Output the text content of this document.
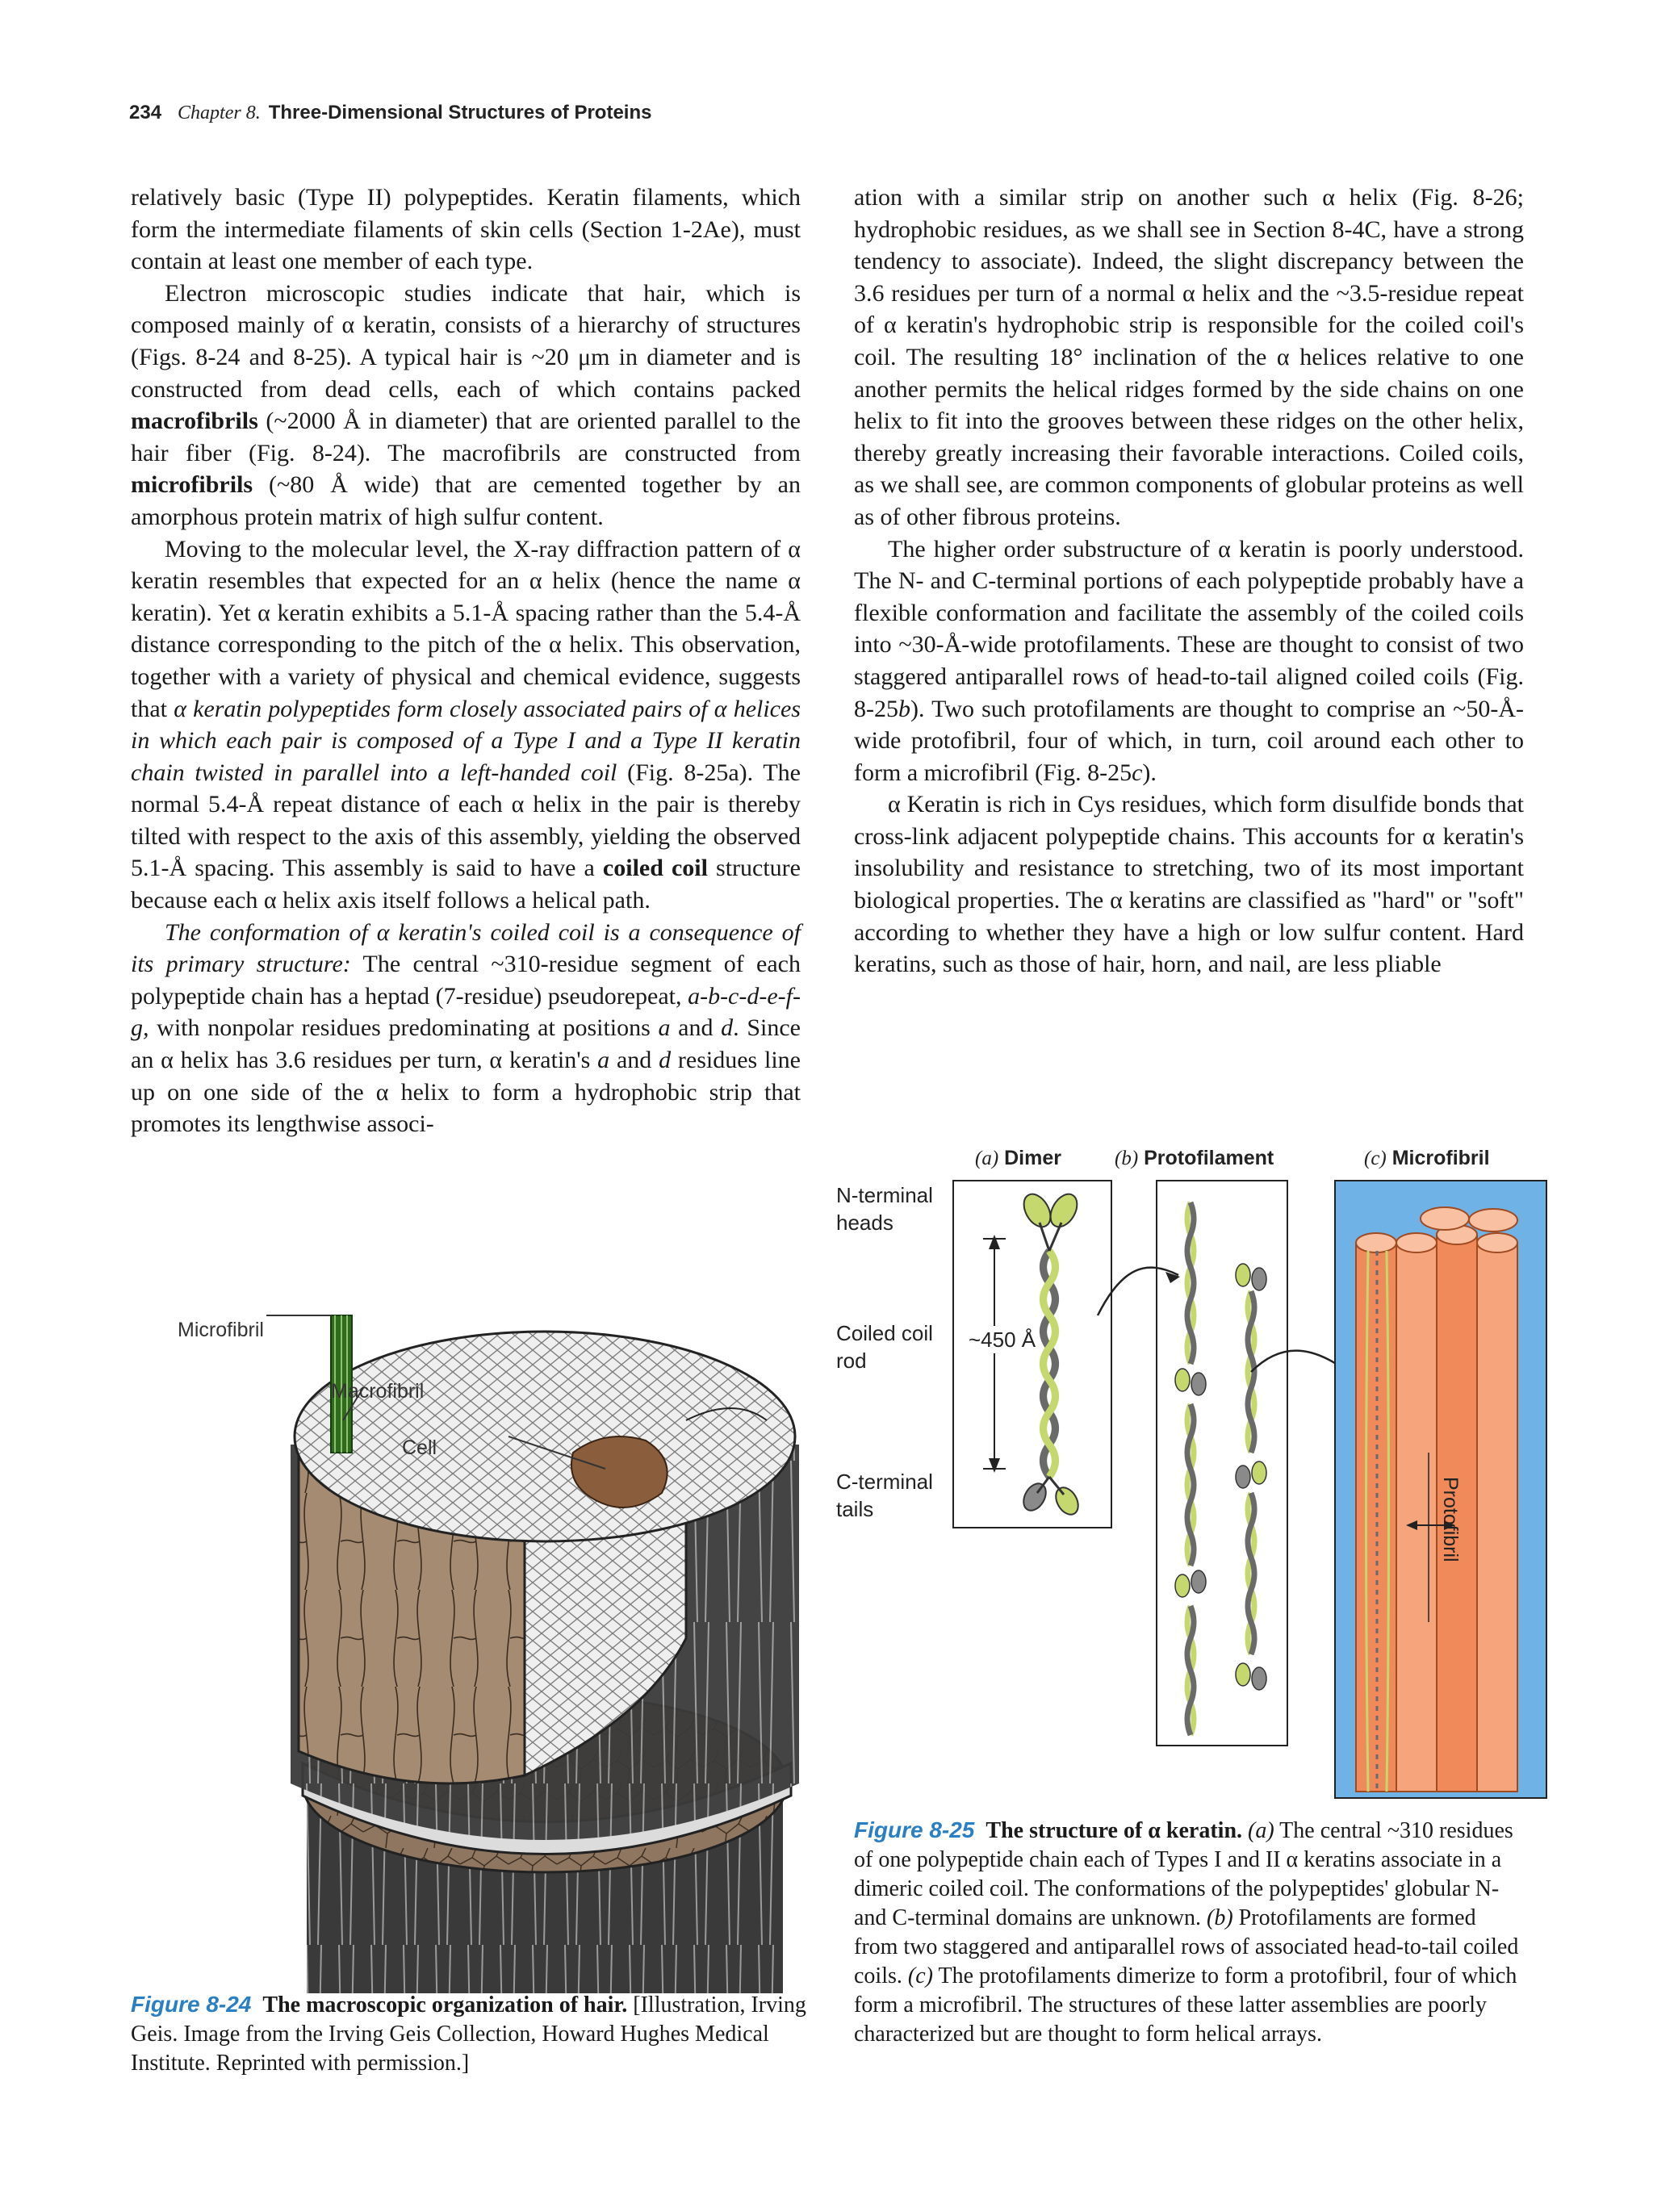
234 Chapter 8. Three-Dimensional Structures of Proteins

relatively basic (Type II) polypeptides. Keratin filaments, which form the intermediate filaments of skin cells (Section 1-2Ae), must contain at least one member of each type.

Electron microscopic studies indicate that hair, which is composed mainly of α keratin, consists of a hierarchy of structures (Figs. 8-24 and 8-25). A typical hair is ~20 μm in diameter and is constructed from dead cells, each of which contains packed macrofibrils (~2000 Å in diameter) that are oriented parallel to the hair fiber (Fig. 8-24). The macrofibrils are constructed from microfibrils (~80 Å wide) that are cemented together by an amorphous protein matrix of high sulfur content.

Moving to the molecular level, the X-ray diffraction pattern of α keratin resembles that expected for an α helix (hence the name α keratin). Yet α keratin exhibits a 5.1-Å spacing rather than the 5.4-Å distance corresponding to the pitch of the α helix. This observation, together with a variety of physical and chemical evidence, suggests that α keratin polypeptides form closely associated pairs of α helices in which each pair is composed of a Type I and a Type II keratin chain twisted in parallel into a left-handed coil (Fig. 8-25a). The normal 5.4-Å repeat distance of each α helix in the pair is thereby tilted with respect to the axis of this assembly, yielding the observed 5.1-Å spacing. This assembly is said to have a coiled coil structure because each α helix axis itself follows a helical path.

The conformation of α keratin's coiled coil is a consequence of its primary structure: The central ~310-residue segment of each polypeptide chain has a heptad (7-residue) pseudorepeat, a-b-c-d-e-f-g, with nonpolar residues predominating at positions a and d. Since an α helix has 3.6 residues per turn, α keratin's a and d residues line up on one side of the α helix to form a hydrophobic strip that promotes its lengthwise associ-

ation with a similar strip on another such α helix (Fig. 8-26; hydrophobic residues, as we shall see in Section 8-4C, have a strong tendency to associate). Indeed, the slight discrepancy between the 3.6 residues per turn of a normal α helix and the ~3.5-residue repeat of α keratin's hydrophobic strip is responsible for the coiled coil's coil. The resulting 18° inclination of the α helices relative to one another permits the helical ridges formed by the side chains on one helix to fit into the grooves between these ridges on the other helix, thereby greatly increasing their favorable interactions. Coiled coils, as we shall see, are common components of globular proteins as well as of other fibrous proteins.

The higher order substructure of α keratin is poorly understood. The N- and C-terminal portions of each polypeptide probably have a flexible conformation and facilitate the assembly of the coiled coils into ~30-Å-wide protofilaments. These are thought to consist of two staggered antiparallel rows of head-to-tail aligned coiled coils (Fig. 8-25b). Two such protofilaments are thought to comprise an ~50-Å-wide protofibril, four of which, in turn, coil around each other to form a microfibril (Fig. 8-25c).

α Keratin is rich in Cys residues, which form disulfide bonds that cross-link adjacent polypeptide chains. This accounts for α keratin's insolubility and resistance to stretching, two of its most important biological properties. The α keratins are classified as "hard" or "soft" according to whether they have a high or low sulfur content. Hard keratins, such as those of hair, horn, and nail, are less pliable

Microfibril
Macrofibril
Cell
(a) Dimer	(b) Protofilament	(c) Microfibril
N-terminal heads
Coiled coil rod
C-terminal tails
~450 Å
Protofibril
Figure 8-24 The macroscopic organization of hair. [Illustration, Irving Geis. Image from the Irving Geis Collection, Howard Hughes Medical Institute. Reprinted with permission.]
Figure 8-25 The structure of α keratin. (a) The central ~310 residues of one polypeptide chain each of Types I and II α keratins associate in a dimeric coiled coil. The conformations of the polypeptides' globular N- and C-terminal domains are unknown. (b) Protofilaments are formed from two staggered and antiparallel rows of associated head-to-tail coiled coils. (c) The protofilaments dimerize to form a protofibril, four of which form a microfibril. The structures of these latter assemblies are poorly characterized but are thought to form helical arrays.
